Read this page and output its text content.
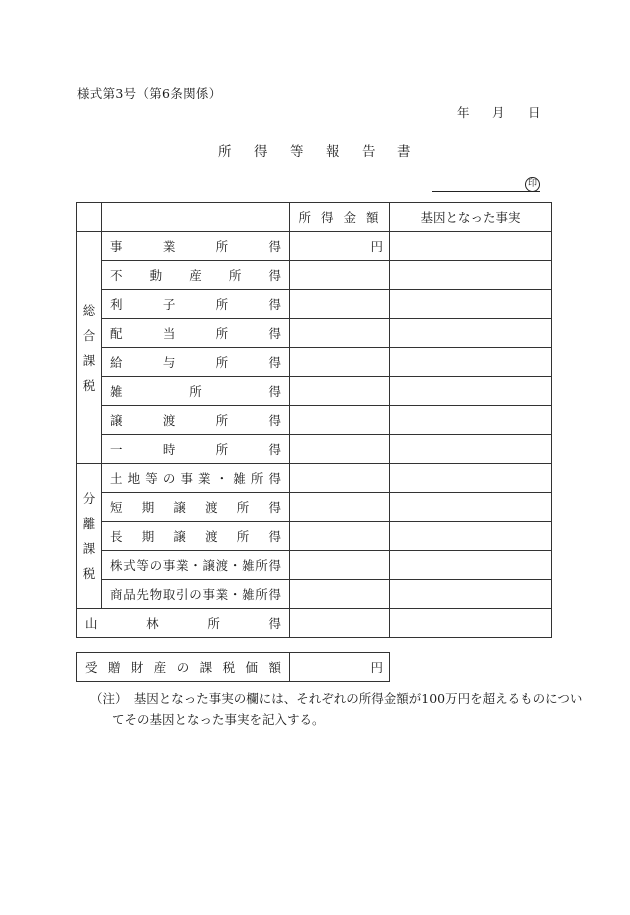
様式第3号（第6条関係）
年 月 日
所 得 等 報 告 書
印
		所得金額	基因となった事実

総
合
課
税	事業所得	円	
	不動産所得		
	利子所得		
	配当所得		
	給与所得		
	雑所得		
	譲渡所得		
	一時所得		

分
離
課
税	土地等の事業・雑所得		
	短期譲渡所得		
	長期譲渡所得		
	株式等の事業・譲渡・雑所得		
	商品先物取引の事業・雑所得		
山林所得			
受贈財産の課税価額	円
（注）　基因となった事実の欄には、それぞれの所得金額が100万円を超えるものについ
てその基因となった事実を記入する。
